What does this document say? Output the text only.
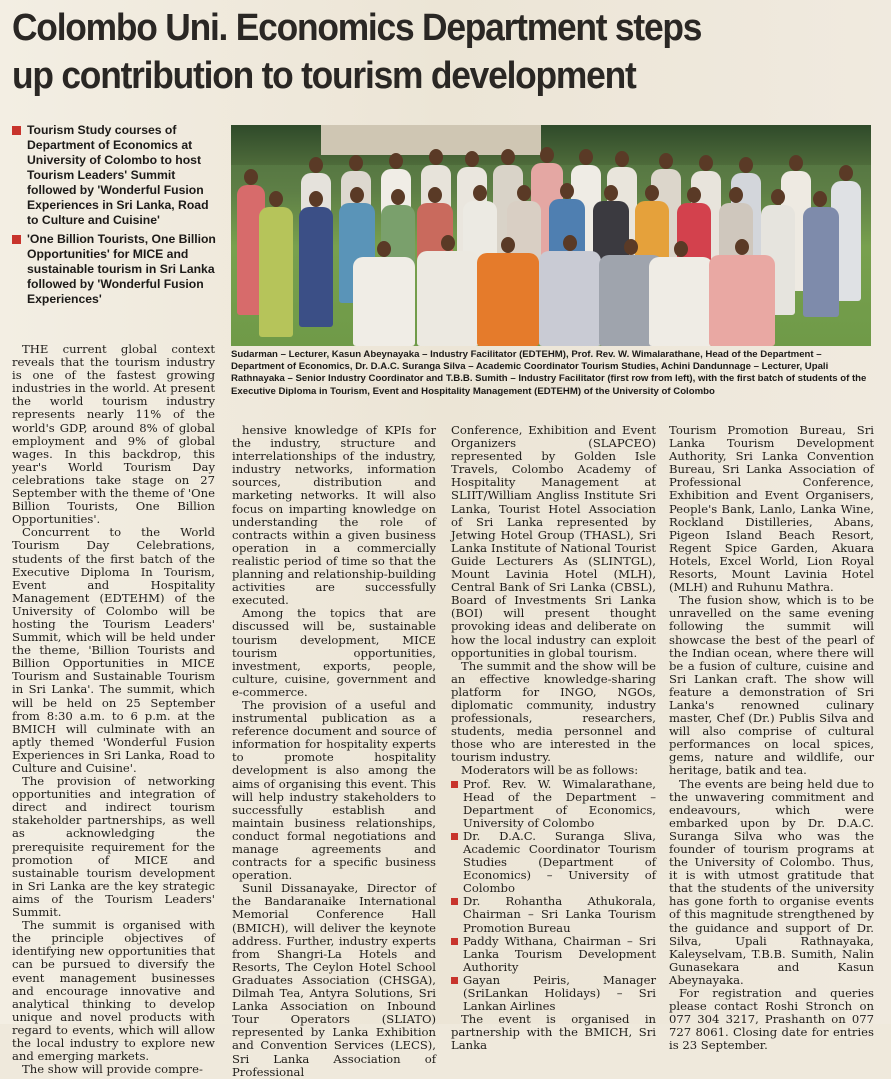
Colombo Uni. Economics Department steps
up contribution to tourism development
Tourism Study courses of Department of Economics at University of Colombo to host Tourism Leaders' Summit followed by 'Wonderful Fusion Experiences in Sri Lanka, Road to Culture and Cuisine'
'One Billion Tourists, One Billion Opportunities' for MICE and sustainable tourism in Sri Lanka followed by 'Wonderful Fusion Experiences'
Sudarman – Lecturer, Kasun Abeynayaka – Industry Facilitator (EDTEHM), Prof. Rev. W. Wimalarathane, Head of the Department – Department of Economics, Dr. D.A.C. Suranga Silva – Academic Coordinator Tourism Studies, Achini Dandunnage – Lecturer, Upali Rathnayaka – Senior Industry Coordinator and T.B.B. Sumith – Industry Facilitator (first row from left), with the first batch of students of the Executive Diploma in Tourism, Event and Hospitality Management (EDTEHM) of the University of Colombo

THE current global context reveals that the tourism industry is one of the fastest growing industries in the world. At present the world tourism industry represents nearly 11% of the world's GDP, around 8% of global employment and 9% of global wages. In this backdrop, this year's World Tourism Day celebrations take stage on 27 September with the theme of 'One Billion Tourists, One Billion Opportunities'.

Concurrent to the World Tourism Day Celebrations, students of the first batch of the Executive Diploma In Tourism, Event and Hospitality Management (EDTEHM) of the University of Colombo will be hosting the Tourism Leaders' Summit, which will be held under the theme, 'Billion Tourists and Billion Opportunities in MICE Tourism and Sustainable Tourism in Sri Lanka'. The summit, which will be held on 25 September from 8:30 a.m. to 6 p.m. at the BMICH will culminate with an aptly themed 'Wonderful Fusion Experiences in Sri Lanka, Road to Culture and Cuisine'.

The provision of networking opportunities and integration of direct and indirect tourism stakeholder partnerships, as well as acknowledging the prerequisite requirement for the promotion of MICE and sustainable tourism development in Sri Lanka are the key strategic aims of the Tourism Leaders' Summit.

The summit is organised with the principle objectives of identifying new opportunities that can be pursued to diversify the event management businesses and encourage innovative and analytical thinking to develop unique and novel products with regard to events, which will allow the local industry to explore new and emerging markets.

The show will provide compre-

hensive knowledge of KPIs for the industry, structure and interrelationships of the industry, industry networks, information sources, distribution and marketing networks. It will also focus on imparting knowledge on understanding the role of contracts within a given business operation in a commercially realistic period of time so that the planning and relationship-building activities are successfully executed.

Among the topics that are discussed will be, sustainable tourism development, MICE tourism opportunities, investment, exports, people, culture, cuisine, government and e-commerce.

The provision of a useful and instrumental publication as a reference document and source of information for hospitality experts to promote hospitality development is also among the aims of organising this event. This will help industry stakeholders to successfully establish and maintain business relationships, conduct formal negotiations and manage agreements and contracts for a specific business operation.

Sunil Dissanayake, Director of the Bandaranaike International Memorial Conference Hall (BMICH), will deliver the keynote address. Further, industry experts from Shangri-La Hotels and Resorts, The Ceylon Hotel School Graduates Association (CHSGA), Dilmah Tea, Antyra Solutions, Sri Lanka Association on Inbound Tour Operators (SLIATO) represented by Lanka Exhibition and Convention Services (LECS), Sri Lanka Association of Professional

Conference, Exhibition and Event Organizers (SLAPCEO) represented by Golden Isle Travels, Colombo Academy of Hospitality Management at SLIIT/William Angliss Institute Sri Lanka, Tourist Hotel Association of Sri Lanka represented by Jetwing Hotel Group (THASL), Sri Lanka Institute of National Tourist Guide Lecturers As (SLINTGL), Mount Lavinia Hotel (MLH), Central Bank of Sri Lanka (CBSL), Board of Investments Sri Lanka (BOI) will present thought provoking ideas and deliberate on how the local industry can exploit opportunities in global tourism.

The summit and the show will be an effective knowledge-sharing platform for INGO, NGOs, diplomatic community, industry professionals, researchers, students, media personnel and those who are interested in the tourism industry.

Moderators will be as follows:

Prof. Rev. W. Wimalarathane, Head of the Department – Department of Economics, University of Colombo

Dr. D.A.C. Suranga Sliva, Academic Coordinator Tourism Studies (Department of Economics) – University of Colombo

Dr. Rohantha Athukorala, Chairman – Sri Lanka Tourism Promotion Bureau

Paddy Withana, Chairman – Sri Lanka Tourism Development Authority

Gayan Peiris, Manager (SriLankan Holidays) – Sri Lankan Airlines

The event is organised in partnership with the BMICH, Sri Lanka

Tourism Promotion Bureau, Sri Lanka Tourism Development Authority, Sri Lanka Convention Bureau, Sri Lanka Association of Professional Conference, Exhibition and Event Organisers, People's Bank, Lanlo, Lanka Wine, Rockland Distilleries, Abans, Pigeon Island Beach Resort, Regent Spice Garden, Akuara Hotels, Excel World, Lion Royal Resorts, Mount Lavinia Hotel (MLH) and Ruhunu Mathra.

The fusion show, which is to be unravelled on the same evening following the summit will showcase the best of the pearl of the Indian ocean, where there will be a fusion of culture, cuisine and Sri Lankan craft. The show will feature a demonstration of Sri Lanka's renowned culinary master, Chef (Dr.) Publis Silva and will also comprise of cultural performances on local spices, gems, nature and wildlife, our heritage, batik and tea.

The events are being held due to the unwavering commitment and endeavours, which were embarked upon by Dr. D.A.C. Suranga Silva who was the founder of tourism programs at the University of Colombo. Thus, it is with utmost gratitude that that the students of the university has gone forth to organise events of this magnitude strengthened by the guidance and support of Dr. Silva, Upali Rathnayaka, Kaleyselvam, T.B.B. Sumith, Nalin Gunasekara and Kasun Abeynayaka.

For registration and queries please contact Roshi Stronch on 077 304 3217, Prashanth on 077 727 8061. Closing date for entries is 23 September.
